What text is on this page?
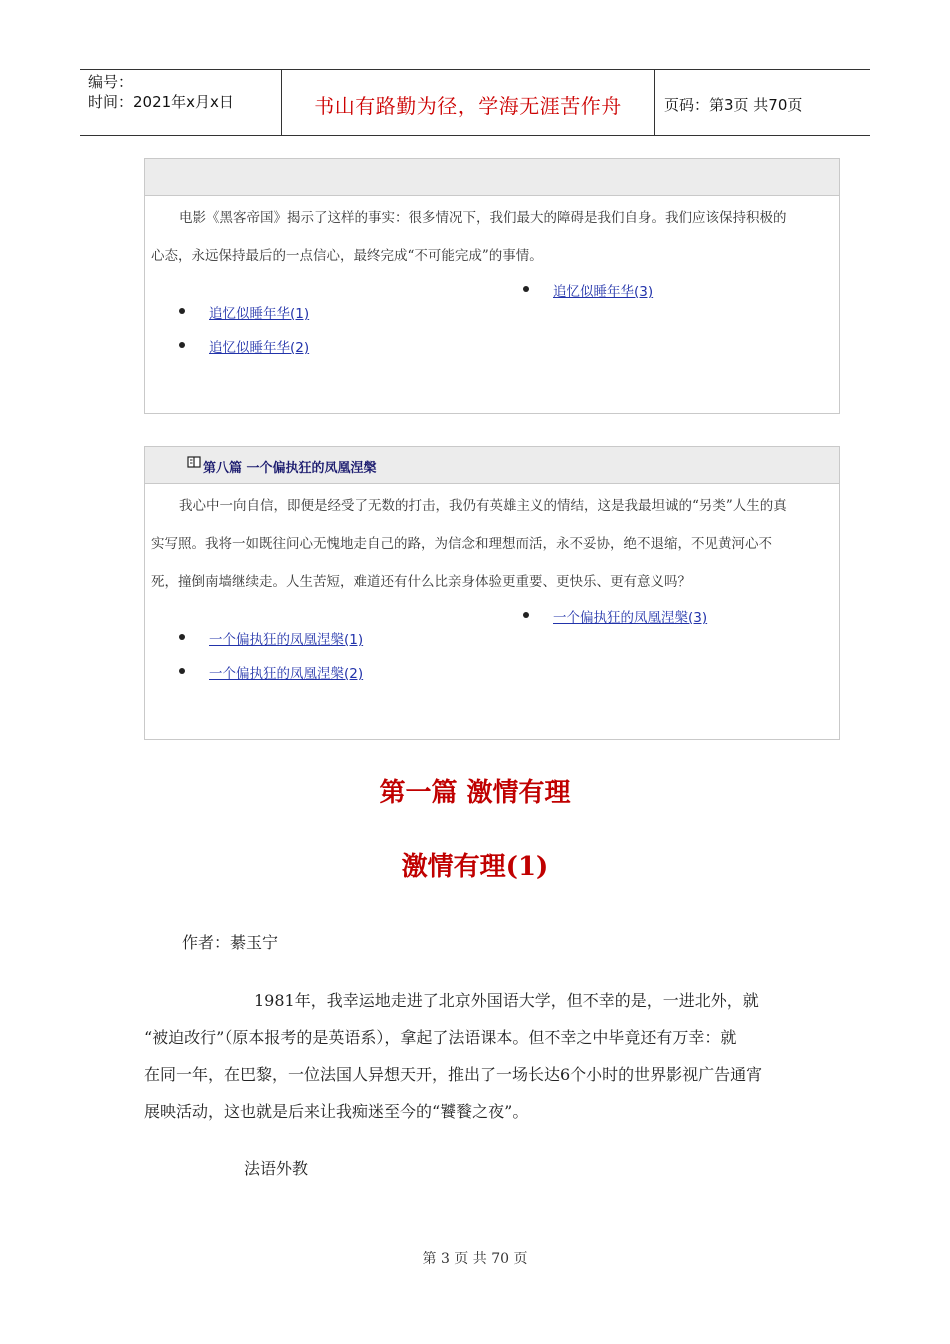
编号：
时间：2021年x月x日	书山有路勤为径，学海无涯苦作舟	页码：第3页 共70页
电影《黑客帝国》揭示了这样的事实：很多情况下，我们最大的障碍是我们自身。我们应该保持积极的
心态，永远保持最后的一点信心，最终完成“不可能完成”的事情。
追忆似睡年华(3)
追忆似睡年华(1)
追忆似睡年华(2)
第八篇 一个偏执狂的凤凰涅槃
我心中一向自信，即便是经受了无数的打击，我仍有英雄主义的情结，这是我最坦诚的“另类”人生的真
实写照。我将一如既往问心无愧地走自己的路，为信念和理想而活，永不妥协，绝不退缩，不见黄河心不
死，撞倒南墙继续走。人生苦短，难道还有什么比亲身体验更重要、更快乐、更有意义吗？
一个偏执狂的凤凰涅槃(3)
一个偏执狂的凤凰涅槃(1)
一个偏执狂的凤凰涅槃(2)
第一篇 激情有理
激情有理(1)
作者：綦玉宁
1981年，我幸运地走进了北京外国语大学，但不幸的是，一进北外，就
“被迫改行”（原本报考的是英语系），拿起了法语课本。但不幸之中毕竟还有万幸：就
在同一年，在巴黎，一位法国人异想天开，推出了一场长达6个小时的世界影视广告通宵
展映活动，这也就是后来让我痴迷至今的“饕餮之夜”。
法语外教
第 3 页 共 70 页
